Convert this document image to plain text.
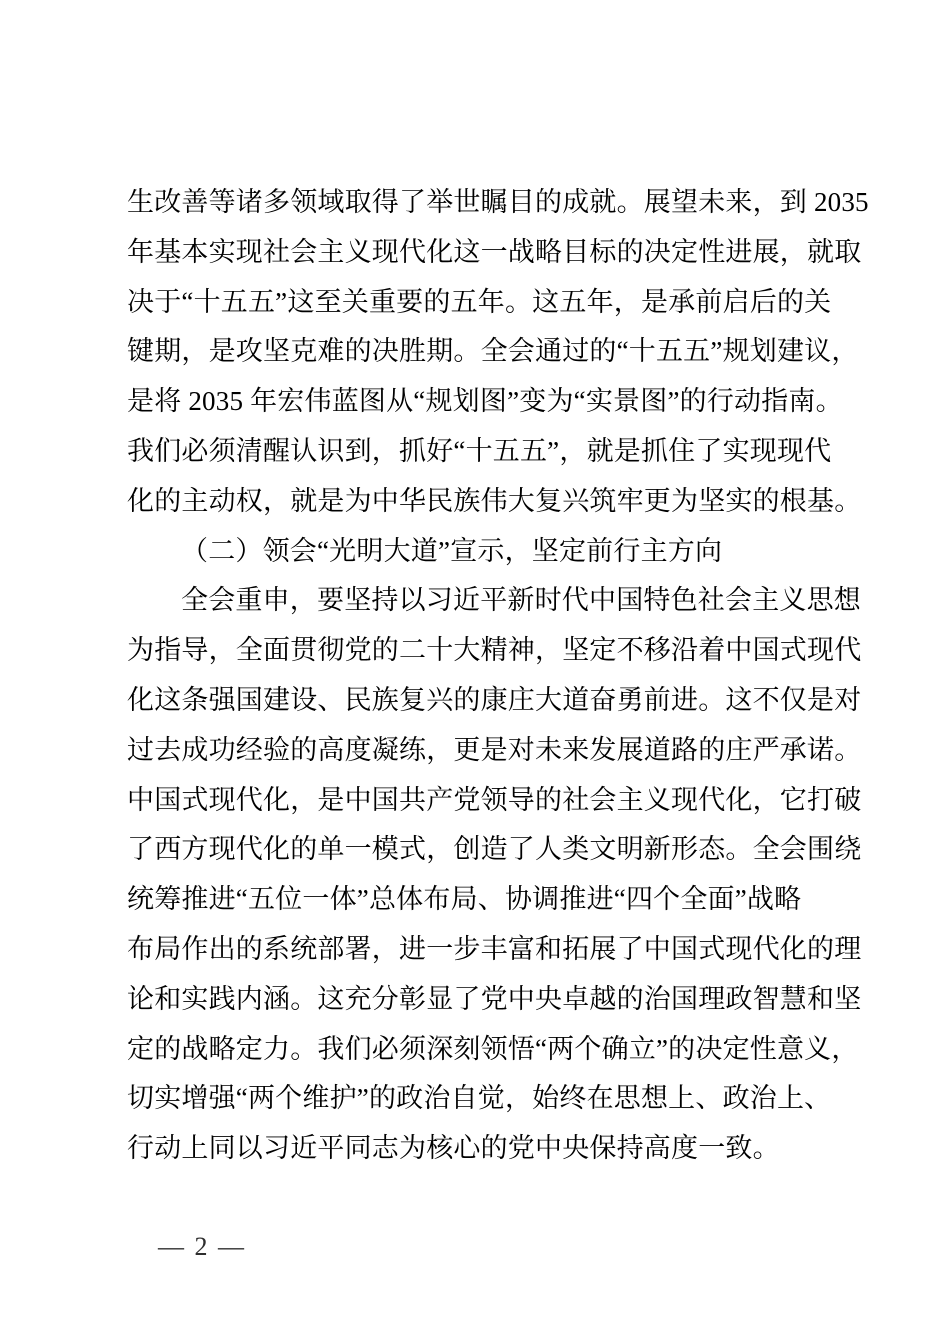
生改善等诸多领域取得了举世瞩目的成就。展望未来，到 2035
年基本实现社会主义现代化这一战略目标的决定性进展，就取
决于“十五五”这至关重要的五年。这五年，是承前启后的关
键期，是攻坚克难的决胜期。全会通过的“十五五”规划建议，
是将 2035 年宏伟蓝图从“规划图”变为“实景图”的行动指南。
我们必须清醒认识到，抓好“十五五”，就是抓住了实现现代
化的主动权，就是为中华民族伟大复兴筑牢更为坚实的根基。
（二）领会“光明大道”宣示，坚定前行主方向
全会重申，要坚持以习近平新时代中国特色社会主义思想
为指导，全面贯彻党的二十大精神，坚定不移沿着中国式现代
化这条强国建设、民族复兴的康庄大道奋勇前进。这不仅是对
过去成功经验的高度凝练，更是对未来发展道路的庄严承诺。
中国式现代化，是中国共产党领导的社会主义现代化，它打破
了西方现代化的单一模式，创造了人类文明新形态。全会围绕
统筹推进“五位一体”总体布局、协调推进“四个全面”战略
布局作出的系统部署，进一步丰富和拓展了中国式现代化的理
论和实践内涵。这充分彰显了党中央卓越的治国理政智慧和坚
定的战略定力。我们必须深刻领悟“两个确立”的决定性意义，
切实增强“两个维护”的政治自觉，始终在思想上、政治上、
行动上同以习近平同志为核心的党中央保持高度一致。
— 2 —
